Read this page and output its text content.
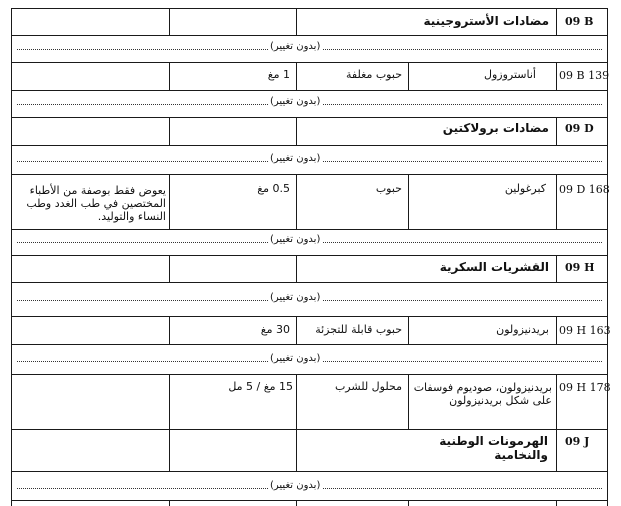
09 B
مضادات الأستروجينية
(بدون تغيير)
09 B 139
أناستروزول
حبوب مغلفة
1 مغ
(بدون تغيير)
09 D
مضادات برولاكتين
(بدون تغيير)
09 D 168
كبرغولين
حبوب
0.5 مغ
يعوض فقط بوصفة من الأطباء المختصين في طب الغدد وطب النساء والتوليد.
(بدون تغيير)
09 H
القشريات السكرية
(بدون تغيير)
09 H 163
بريدنيزولون
حبوب قابلة للتجزئة
30 مغ
(بدون تغيير)
09 H 178
بريدنيزولون، صوديوم فوسفات على شكل بريدنيزولون
محلول للشرب
15 مغ / 5 مل
09 J
الهرمونات الوطنية والنخامية
(بدون تغيير)
